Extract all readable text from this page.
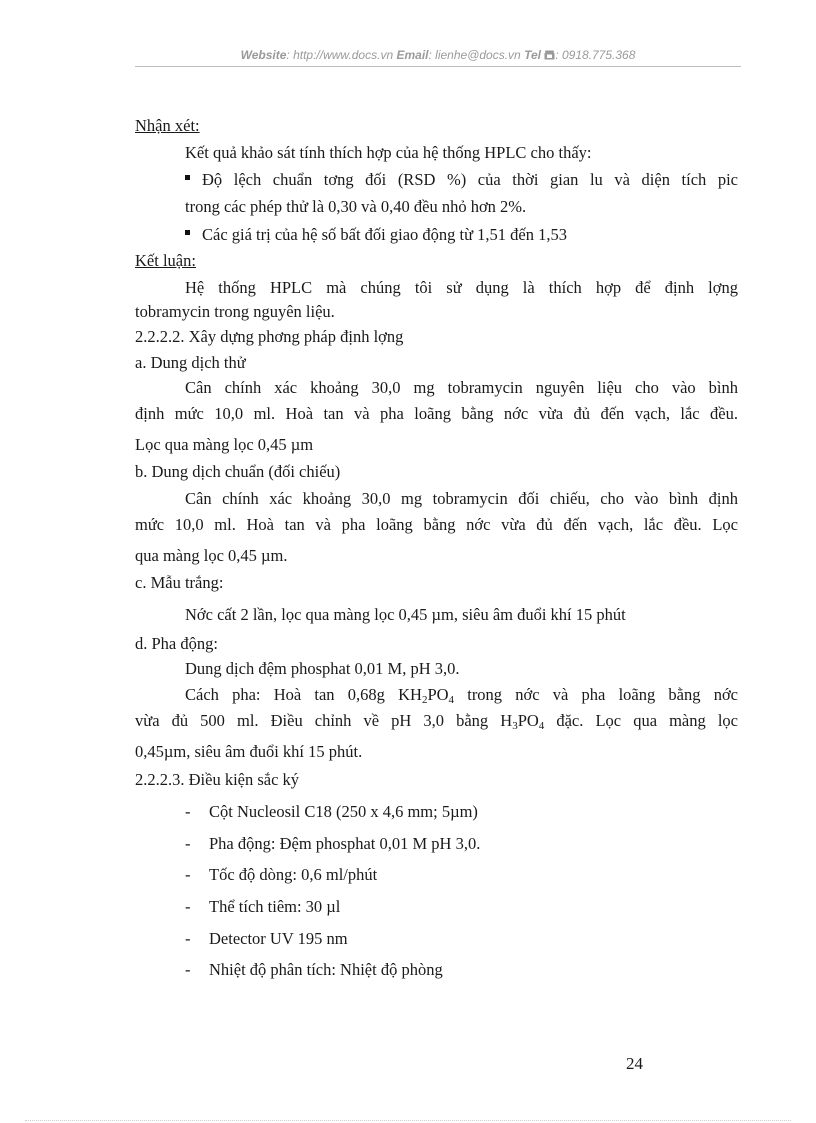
Website: http://www.docs.vn Email: lienhe@docs.vn Tel : 0918.775.368
Nhận xét:
Kết quả khảo sát tính thích hợp của hệ thống HPLC cho thấy:
Độ lệch chuẩn tơng đối (RSD %) của thời gian lu và diện tích pic
trong các phép thử là 0,30 và 0,40 đều nhỏ hơn 2%.
Các giá trị của hệ số bất đối giao động từ 1,51 đến 1,53
Kết luận:
Hệ thống HPLC mà chúng tôi sử dụng là thích hợp để định lợng
tobramycin trong nguyên liệu.
2.2.2.2. Xây dựng phơng pháp định lợng
a. Dung dịch thử
Cân chính xác khoảng 30,0 mg tobramycin nguyên liệu cho vào bình
định mức 10,0 ml. Hoà tan và pha loãng bằng nớc vừa đủ đến vạch, lắc đều.
Lọc qua màng lọc 0,45 µm
b. Dung dịch chuẩn (đối chiếu)
Cân chính xác khoảng 30,0 mg tobramycin đối chiếu, cho vào bình định
mức 10,0 ml. Hoà tan và pha loãng bằng nớc vừa đủ đến vạch, lắc đều. Lọc
qua màng lọc 0,45 µm.
c. Mẫu trắng:
Nớc cất 2 lần, lọc qua màng lọc 0,45 µm, siêu âm đuổi khí 15 phút
d. Pha động:
Dung dịch đệm phosphat 0,01 M, pH 3,0.
Cách pha: Hoà tan 0,68g $KH_2PO_4$ trong nớc và pha loãng bằng nớc
vừa đủ 500 ml. Điều chỉnh về pH 3,0 bằng $H_3PO_4$ đặc. Lọc qua màng lọc
0,45µm, siêu âm đuổi khí 15 phút.
2.2.2.3. Điều kiện sắc ký
- Cột Nucleosil C18 (250 x 4,6 mm; 5µm)
- Pha động: Đệm phosphat 0,01 M pH 3,0.
- Tốc độ dòng: 0,6 ml/phút
- Thể tích tiêm: 30 µl
- Detector UV 195 nm
- Nhiệt độ phân tích: Nhiệt độ phòng
24
